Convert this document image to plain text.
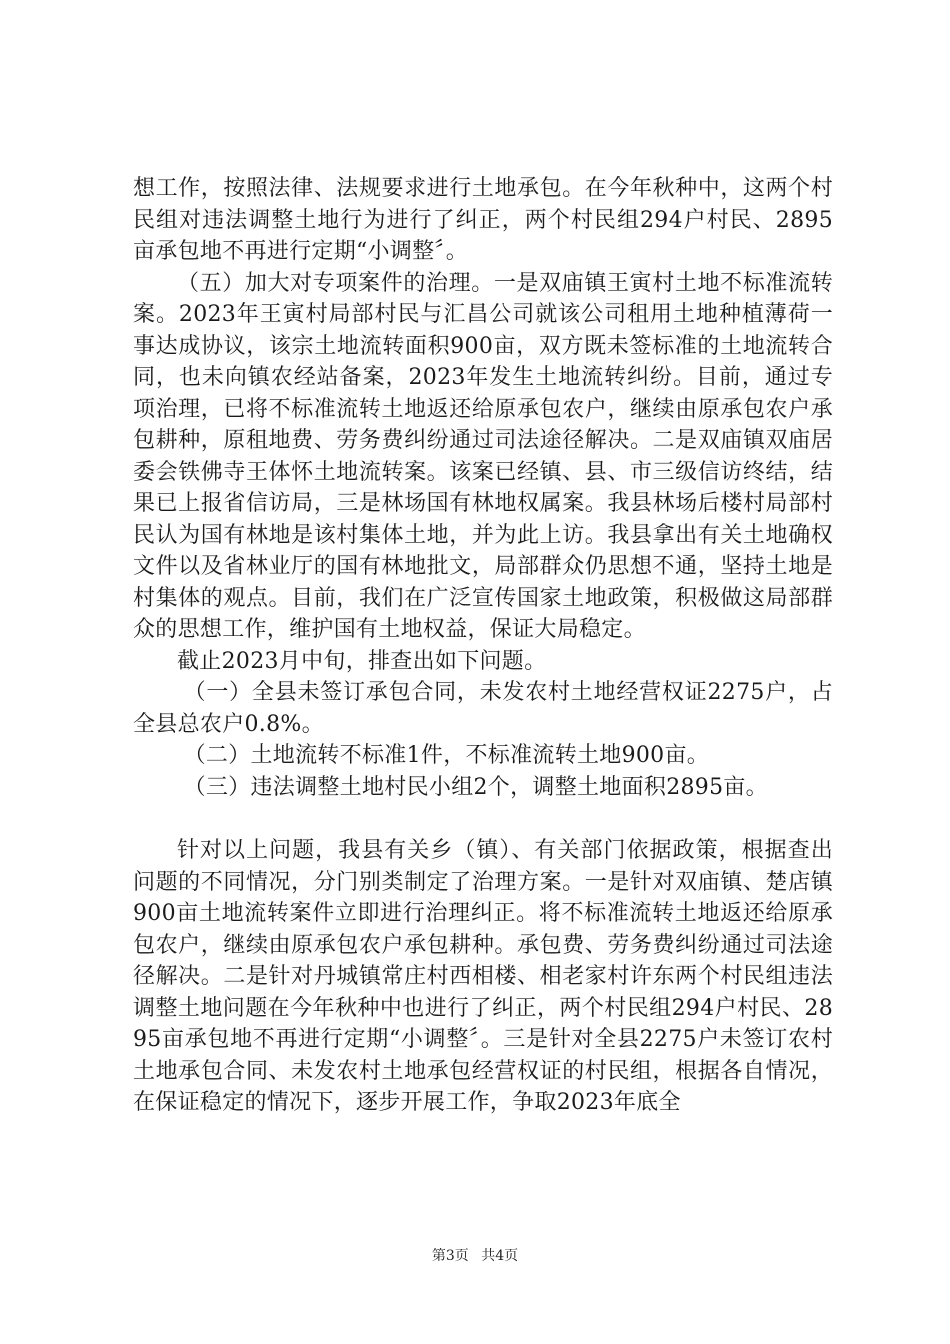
想工作，按照法律、法规要求进行土地承包。在今年秋种中，这两个村民组对违法调整土地行为进行了纠正，两个村民组294户村民、2895亩承包地不再进行定期“小调整〞。

（五）加大对专项案件的治理。一是双庙镇王寅村土地不标准流转案。2023年王寅村局部村民与汇昌公司就该公司租用土地种植薄荷一事达成协议，该宗土地流转面积900亩，双方既未签标准的土地流转合同，也未向镇农经站备案，2023年发生土地流转纠纷。目前，通过专项治理，已将不标准流转土地返还给原承包农户，继续由原承包农户承包耕种，原租地费、劳务费纠纷通过司法途径解决。二是双庙镇双庙居委会铁佛寺王体怀土地流转案。该案已经镇、县、市三级信访终结，结果已上报省信访局，三是林场国有林地权属案。我县林场后楼村局部村民认为国有林地是该村集体土地，并为此上访。我县拿出有关土地确权文件以及省林业厅的国有林地批文，局部群众仍思想不通，坚持土地是村集体的观点。目前，我们在广泛宣传国家土地政策，积极做这局部群众的思想工作，维护国有土地权益，保证大局稳定。

截止2023月中旬，排查出如下问题。

（一）全县未签订承包合同，未发农村土地经营权证2275户，占全县总农户0.8%。

（二）土地流转不标准1件，不标准流转土地900亩。

（三）违法调整土地村民小组2个，调整土地面积2895亩。

针对以上问题，我县有关乡（镇）、有关部门依据政策，根据查出问题的不同情况，分门别类制定了治理方案。一是针对双庙镇、楚店镇900亩土地流转案件立即进行治理纠正。将不标准流转土地返还给原承包农户，继续由原承包农户承包耕种。承包费、劳务费纠纷通过司法途径解决。二是针对丹城镇常庄村西相楼、相老家村许东两个村民组违法调整土地问题在今年秋种中也进行了纠正，两个村民组294户村民、2895亩承包地不再进行定期“小调整〞。三是针对全县2275户未签订农村土地承包合同、未发农村土地承包经营权证的村民组，根据各自情况，在保证稳定的情况下，逐步开展工作，争取2023年底全

第3页 共4页
